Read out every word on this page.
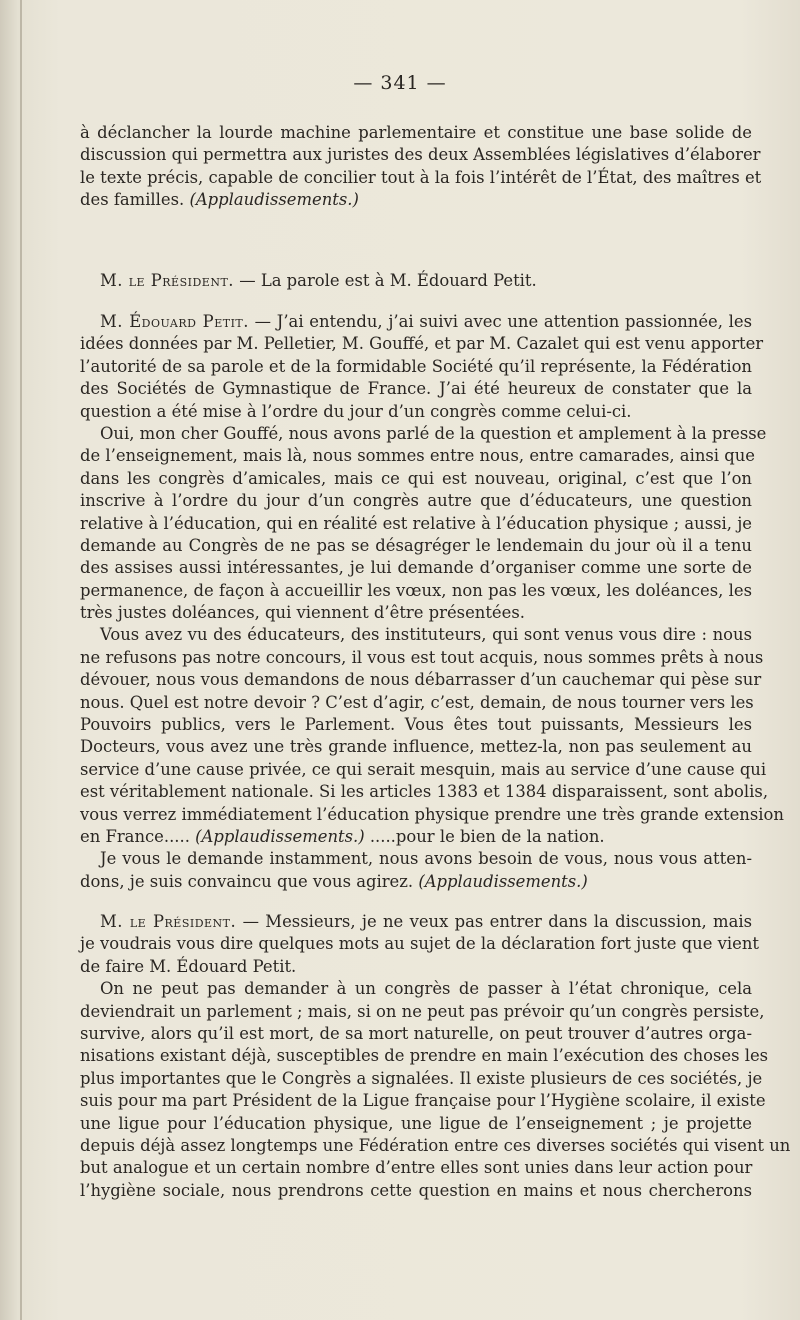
— 341 —
à déclancher la lourde machine parlementaire et constitue une base solide de
discussion qui permettra aux juristes des deux Assemblées législatives d’élaborer
le texte précis, capable de concilier tout à la fois l’intérêt de l’État, des maîtres et
des familles. (Applaudissements.)
M. le Président. — La parole est à M. Édouard Petit.
M. Édouard Petit. — J’ai entendu, j’ai suivi avec une attention passionnée, les
idées données par M. Pelletier, M. Gouffé, et par M. Cazalet qui est venu apporter
l’autorité de sa parole et de la formidable Société qu’il représente, la Fédération
des Sociétés de Gymnastique de France. J’ai été heureux de constater que la
question a été mise à l’ordre du jour d’un congrès comme celui-ci.
Oui, mon cher Gouffé, nous avons parlé de la question et amplement à la presse
de l’enseignement, mais là, nous sommes entre nous, entre camarades, ainsi que
dans les congrès d’amicales, mais ce qui est nouveau, original, c’est que l’on
inscrive à l’ordre du jour d’un congrès autre que d’éducateurs, une question
relative à l’éducation, qui en réalité est relative à l’éducation physique ; aussi, je
demande au Congrès de ne pas se désagréger le lendemain du jour où il a tenu
des assises aussi intéressantes, je lui demande d’organiser comme une sorte de
permanence, de façon à accueillir les vœux, non pas les vœux, les doléances, les
très justes doléances, qui viennent d’être présentées.
Vous avez vu des éducateurs, des instituteurs, qui sont venus vous dire : nous
ne refusons pas notre concours, il vous est tout acquis, nous sommes prêts à nous
dévouer, nous vous demandons de nous débarrasser d’un cauchemar qui pèse sur
nous. Quel est notre devoir ? C’est d’agir, c’est, demain, de nous tourner vers les
Pouvoirs publics, vers le Parlement. Vous êtes tout puissants, Messieurs les
Docteurs, vous avez une très grande influence, mettez-la, non pas seulement au
service d’une cause privée, ce qui serait mesquin, mais au service d’une cause qui
est véritablement nationale. Si les articles 1383 et 1384 disparaissent, sont abolis,
vous verrez immédiatement l’éducation physique prendre une très grande extension
en France..... (Applaudissements.) .....pour le bien de la nation.
Je vous le demande instamment, nous avons besoin de vous, nous vous atten-
dons, je suis convaincu que vous agirez. (Applaudissements.)
M. le Président. — Messieurs, je ne veux pas entrer dans la discussion, mais
je voudrais vous dire quelques mots au sujet de la déclaration fort juste que vient
de faire M. Édouard Petit.
On ne peut pas demander à un congrès de passer à l’état chronique, cela
deviendrait un parlement ; mais, si on ne peut pas prévoir qu’un congrès persiste,
survive, alors qu’il est mort, de sa mort naturelle, on peut trouver d’autres orga-
nisations existant déjà, susceptibles de prendre en main l’exécution des choses les
plus importantes que le Congrès a signalées. Il existe plusieurs de ces sociétés, je
suis pour ma part Président de la Ligue française pour l’Hygiène scolaire, il existe
une ligue pour l’éducation physique, une ligue de l’enseignement ; je projette
depuis déjà assez longtemps une Fédération entre ces diverses sociétés qui visent un
but analogue et un certain nombre d’entre elles sont unies dans leur action pour
l’hygiène sociale, nous prendrons cette question en mains et nous chercherons
